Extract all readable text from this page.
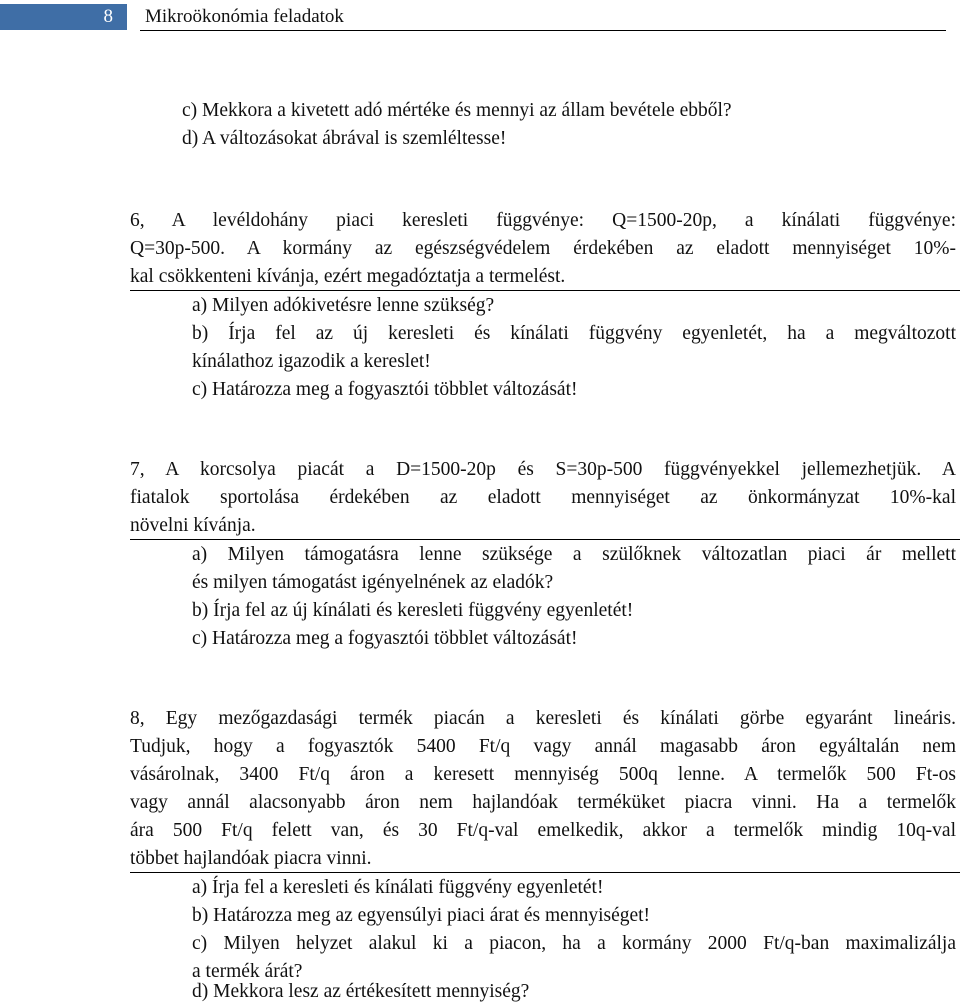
8	Mikroökonómia feladatok
c) Mekkora a kivetett adó mértéke és mennyi az állam bevétele ebből?
d) A változásokat ábrával is szemléltesse!
6, A levéldohány piaci keresleti függvénye: Q=1500-20p, a kínálati függvénye:
Q=30p-500. A kormány az egészségvédelem érdekében az eladott mennyiséget 10%-
kal csökkenteni kívánja, ezért megadóztatja a termelést.
a) Milyen adókivetésre lenne szükség?
b) Írja fel az új keresleti és kínálati függvény egyenletét, ha a megváltozott
kínálathoz igazodik a kereslet!
c) Határozza meg a fogyasztói többlet változását!
7, A korcsolya piacát a D=1500-20p és S=30p-500 függvényekkel jellemezhetjük. A
fiatalok sportolása érdekében az eladott mennyiséget az önkormányzat 10%-kal
növelni kívánja.
a) Milyen támogatásra lenne szüksége a szülőknek változatlan piaci ár mellett
és milyen támogatást igényelnének az eladók?
b) Írja fel az új kínálati és keresleti függvény egyenletét!
c) Határozza meg a fogyasztói többlet változását!
8, Egy mezőgazdasági termék piacán a keresleti és kínálati görbe egyaránt lineáris.
Tudjuk, hogy a fogyasztók 5400 Ft/q vagy annál magasabb áron egyáltalán nem
vásárolnak, 3400 Ft/q áron a keresett mennyiség 500q lenne. A termelők 500 Ft-os
vagy annál alacsonyabb áron nem hajlandóak terméküket piacra vinni. Ha a termelők
ára 500 Ft/q felett van, és 30 Ft/q-val emelkedik, akkor a termelők mindig 10q-val
többet hajlandóak piacra vinni.
a) Írja fel a keresleti és kínálati függvény egyenletét!
b) Határozza meg az egyensúlyi piaci árat és mennyiséget!
c) Milyen helyzet alakul ki a piacon, ha a kormány 2000 Ft/q-ban maximalizálja
a termék árát?
d) Mekkora lesz az értékesített mennyiség?
